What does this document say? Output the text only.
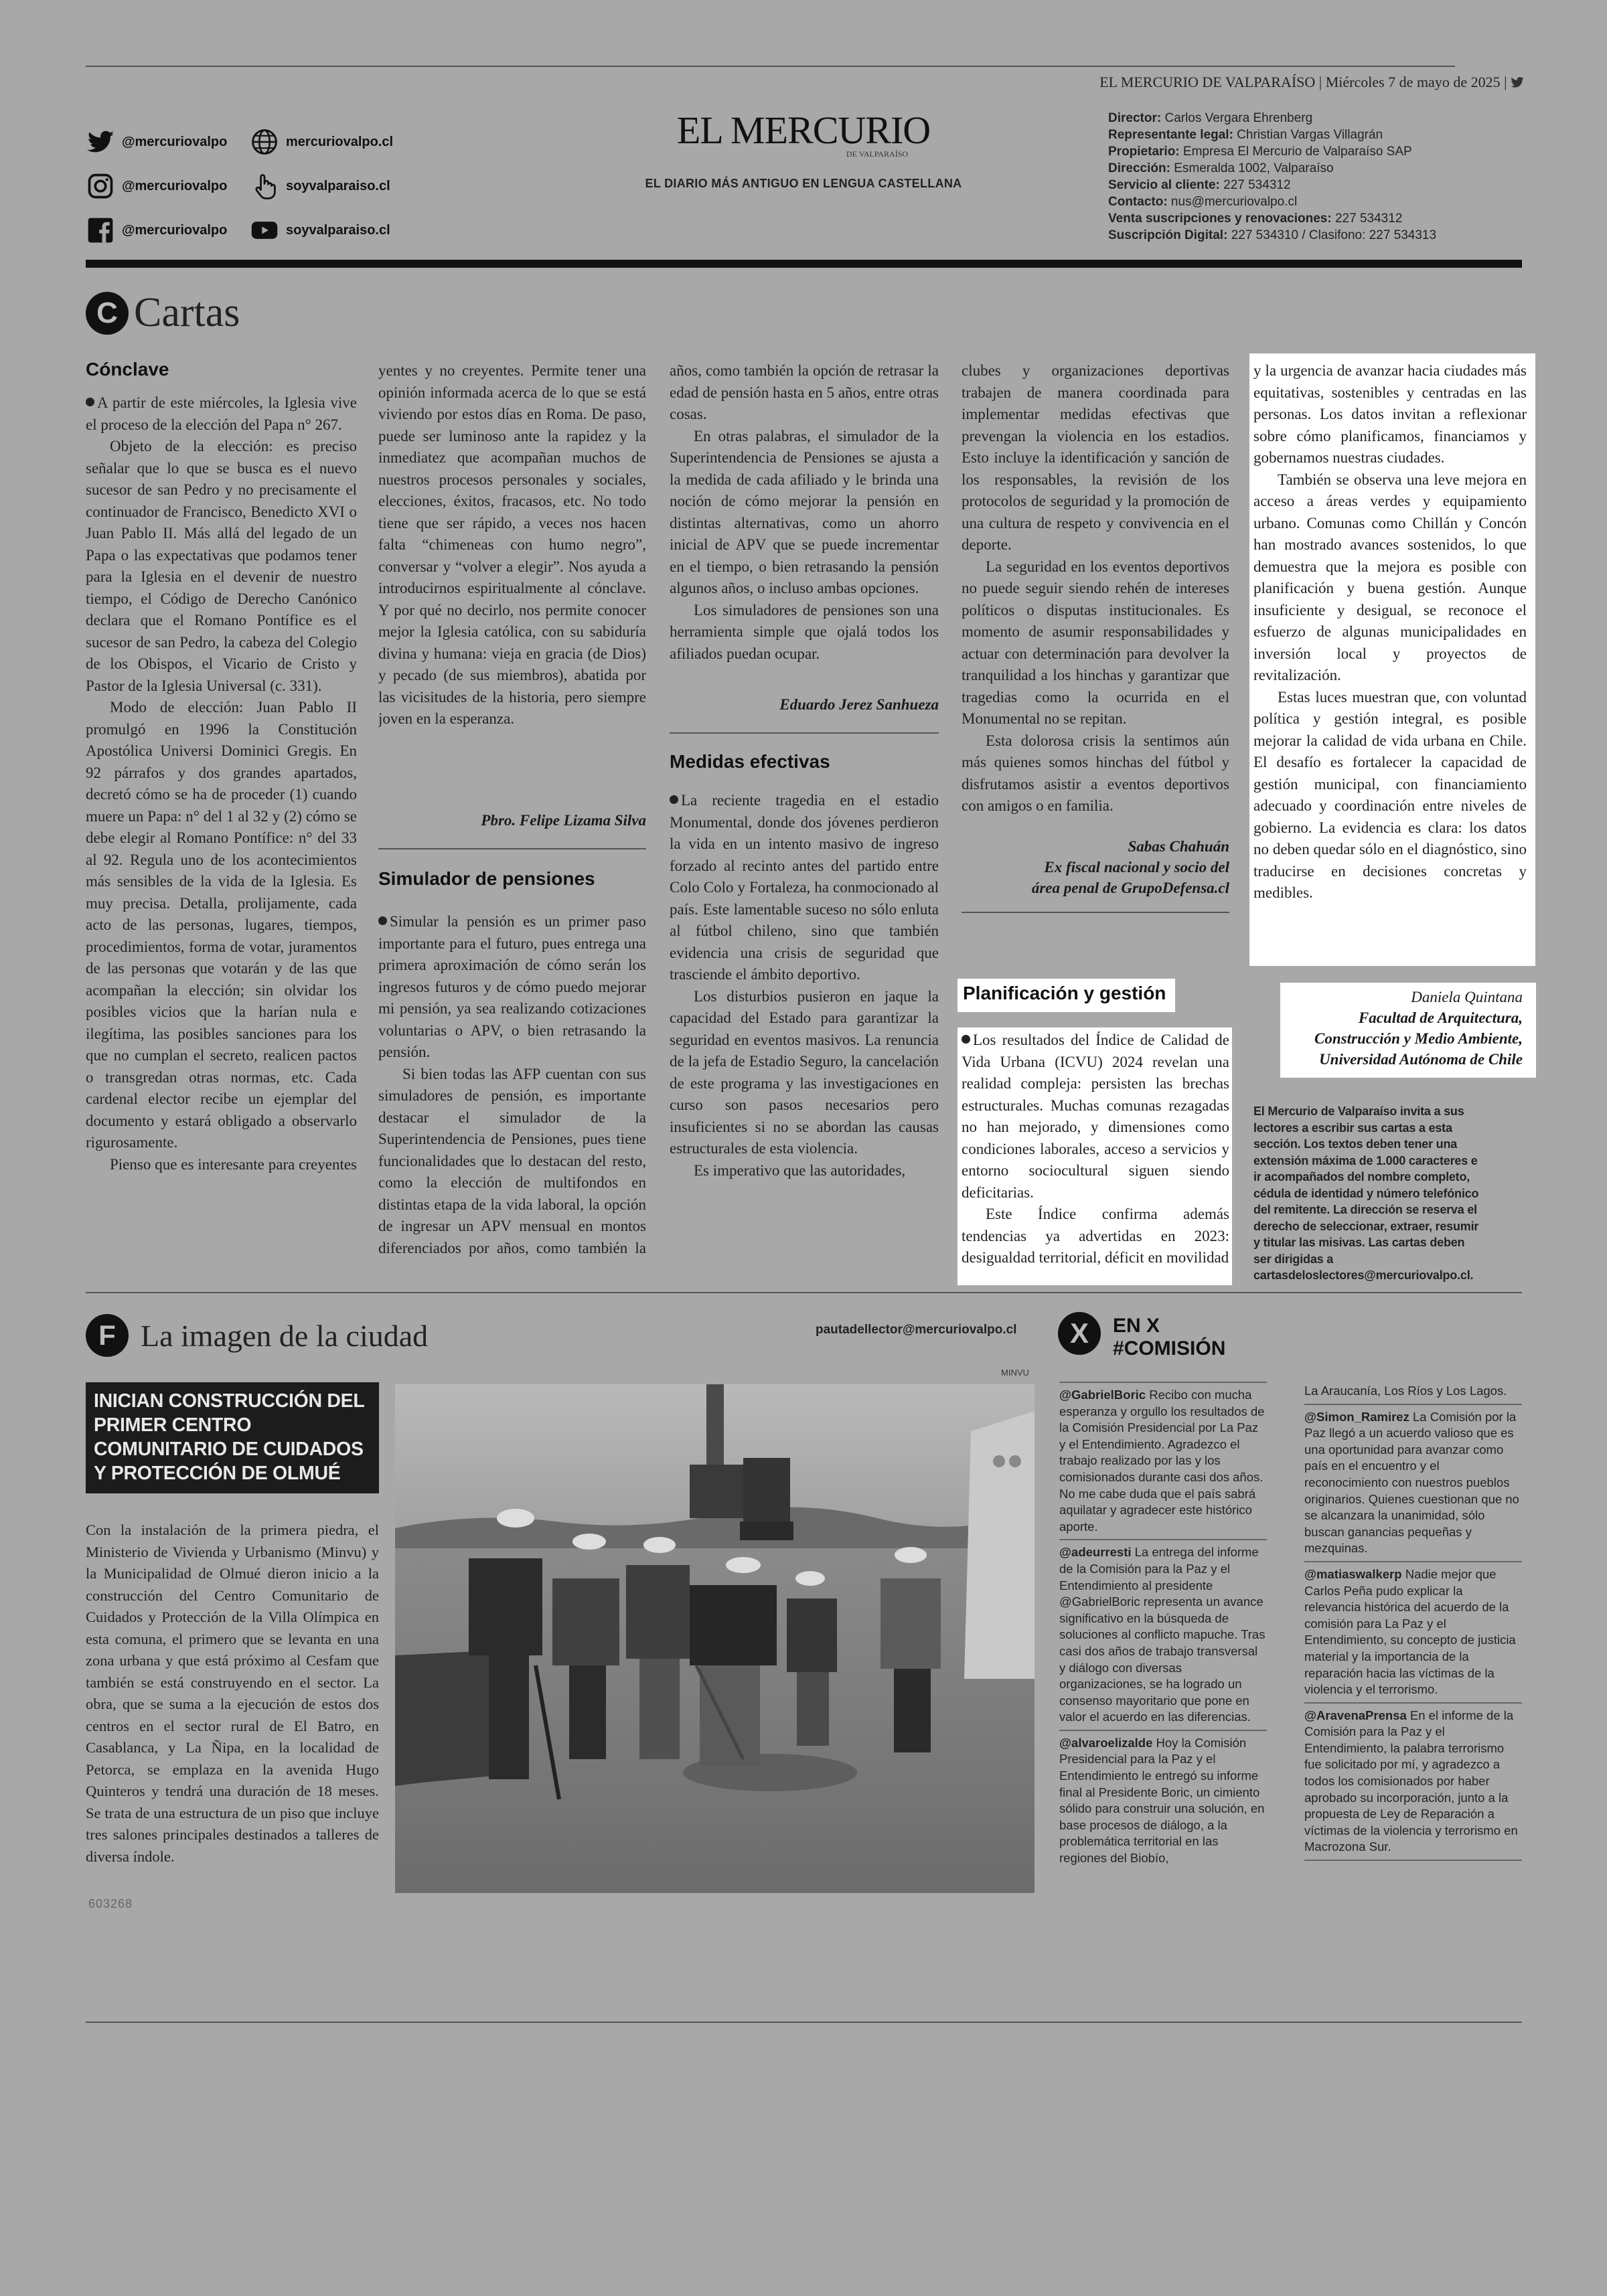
EL MERCURIO DE VALPARAÍSO | Miércoles 7 de mayo de 2025 |
@mercuriovalpo	mercuriovalpo.cl
@mercuriovalpo	soyvalparaiso.cl
@mercuriovalpo	soyvalparaiso.cl
EL MERCURIO
DE VALPARAÍSO
EL DIARIO MÁS ANTIGUO EN LENGUA CASTELLANA
Director: Carlos Vergara Ehrenberg
Representante legal: Christian Vargas Villagrán
Propietario: Empresa El Mercurio de Valparaíso SAP
Dirección: Esmeralda 1002, Valparaíso
Servicio al cliente: 227 534312
Contacto: nus@mercuriovalpo.cl
Venta suscripciones y renovaciones: 227 534312
Suscripción Digital: 227 534310 / Clasifono: 227 534313
C Cartas
Cónclave

A partir de este miércoles, la Iglesia vive el proceso de la elección del Papa n° 267.

Objeto de la elección: es preciso señalar que lo que se busca es el nuevo sucesor de san Pedro y no precisamente el continuador de Francisco, Benedicto XVI o Juan Pablo II. Más allá del legado de un Papa o las expectativas que podamos tener para la Iglesia en el devenir de nuestro tiempo, el Código de Derecho Canónico declara que el Romano Pontífice es el sucesor de san Pedro, la cabeza del Colegio de los Obispos, el Vicario de Cristo y Pastor de la Iglesia Universal (c. 331).

Modo de elección: Juan Pablo II promulgó en 1996 la Constitución Apostólica Universi Dominici Gregis. En 92 párrafos y dos grandes apartados, decretó cómo se ha de proceder (1) cuando muere un Papa: n° del 1 al 32 y (2) cómo se debe elegir al Romano Pontífice: n° del 33 al 92. Regula uno de los acontecimientos más sensibles de la vida de la Iglesia. Es muy precisa. Detalla, prolijamente, cada acto de las personas, lugares, tiempos, procedimientos, forma de votar, juramentos de las personas que votarán y de las que acompañan la elección; sin olvidar los posibles vicios que la harían nula e ilegítima, las posibles sanciones para los que no cumplan el secreto, realicen pactos o transgredan otras normas, etc. Cada cardenal elector recibe un ejemplar del documento y estará obligado a observarlo rigurosamente.

Pienso que es interesante para creyentes

yentes y no creyentes. Permite tener una opinión informada acerca de lo que se está viviendo por estos días en Roma. De paso, puede ser luminoso ante la rapidez y la inmediatez que acompañan muchos de nuestros procesos personales y sociales, elecciones, éxitos, fracasos, etc. No todo tiene que ser rápido, a veces nos hacen falta “chimeneas con humo negro”, conversar y “volver a elegir”. Nos ayuda a introducirnos espiritualmente al cónclave. Y por qué no decirlo, nos permite conocer mejor la Iglesia católica, con su sabiduría divina y humana: vieja en gracia (de Dios) y pecado (de sus miembros), abatida por las vicisitudes de la historia, pero siempre joven en la esperanza.

Pbro. Felipe Lizama Silva
Simulador de pensiones

Simular la pensión es un primer paso importante para el futuro, pues entrega una primera aproximación de cómo serán los ingresos futuros y de cómo puedo mejorar mi pensión, ya sea realizando cotizaciones voluntarias o APV, o bien retrasando la pensión.

Si bien todas las AFP cuentan con sus simuladores de pensión, es importante destacar el simulador de la Superintendencia de Pensiones, pues tiene funcionalidades que lo destacan del resto, como la elección de multifondos en distintas etapa de la vida laboral, la opción de ingresar un APV mensual en montos diferenciados por años, como también la

años, como también la opción de retrasar la edad de pensión hasta en 5 años, entre otras cosas.

En otras palabras, el simulador de la Superintendencia de Pensiones se ajusta a la medida de cada afiliado y le brinda una noción de cómo mejorar la pensión en distintas alternativas, como un ahorro inicial de APV que se puede incrementar en el tiempo, o bien retrasando la pensión algunos años, o incluso ambas opciones.

Los simuladores de pensiones son una herramienta simple que ojalá todos los afiliados puedan ocupar.

Eduardo Jerez Sanhueza
Medidas efectivas

La reciente tragedia en el estadio Monumental, donde dos jóvenes perdieron la vida en un intento masivo de ingreso forzado al recinto antes del partido entre Colo Colo y Fortaleza, ha conmocionado al país. Este lamentable suceso no sólo enluta al fútbol chileno, sino que también evidencia una crisis de seguridad que trasciende el ámbito deportivo.

Los disturbios pusieron en jaque la capacidad del Estado para garantizar la seguridad en eventos masivos. La renuncia de la jefa de Estadio Seguro, la cancelación de este programa y las investigaciones en curso son pasos necesarios pero insuficientes si no se abordan las causas estructurales de esta violencia.

Es imperativo que las autoridades,

clubes y organizaciones deportivas trabajen de manera coordinada para implementar medidas efectivas que prevengan la violencia en los estadios. Esto incluye la identificación y sanción de los responsables, la revisión de los protocolos de seguridad y la promoción de una cultura de respeto y convivencia en el deporte.

La seguridad en los eventos deportivos no puede seguir siendo rehén de intereses políticos o disputas institucionales. Es momento de asumir responsabilidades y actuar con determinación para devolver la tranquilidad a los hinchas y garantizar que tragedias como la ocurrida en el Monumental no se repitan.

Esta dolorosa crisis la sentimos aún más quienes somos hinchas del fútbol y disfrutamos asistir a eventos deportivos con amigos o en familia.

Sabas Chahuán
Ex fiscal nacional y socio del
área penal de GrupoDefensa.cl
Planificación y gestión

Los resultados del Índice de Calidad de Vida Urbana (ICVU) 2024 revelan una realidad compleja: persisten las brechas estructurales. Muchas comunas rezagadas no han mejorado, y dimensiones como condiciones laborales, acceso a servicios y entorno sociocultural siguen siendo deficitarias.

Este Índice confirma además tendencias ya advertidas en 2023: desigualdad territorial, déficit en movilidad

y la urgencia de avanzar hacia ciudades más equitativas, sostenibles y centradas en las personas. Los datos invitan a reflexionar sobre cómo planificamos, financiamos y gobernamos nuestras ciudades.

También se observa una leve mejora en acceso a áreas verdes y equipamiento urbano. Comunas como Chillán y Concón han mostrado avances sostenidos, lo que demuestra que la mejora es posible con planificación y buena gestión. Aunque insuficiente y desigual, se reconoce el esfuerzo de algunas municipalidades en inversión local y proyectos de revitalización.

Estas luces muestran que, con voluntad política y gestión integral, es posible mejorar la calidad de vida urbana en Chile. El desafío es fortalecer la capacidad de gestión municipal, con financiamiento adecuado y coordinación entre niveles de gobierno. La evidencia es clara: los datos no deben quedar sólo en el diagnóstico, sino traducirse en decisiones concretas y medibles.

Daniela Quintana
Facultad de Arquitectura,
Construcción y Medio Ambiente,
Universidad Autónoma de Chile
El Mercurio de Valparaíso invita a sus lectores a escribir sus cartas a esta sección. Los textos deben tener una extensión máxima de 1.000 caracteres e ir acompañados del nombre completo, cédula de identidad y número telefónico del remitente. La dirección se reserva el derecho de seleccionar, extraer, resumir y titular las misivas. Las cartas deben ser dirigidas a cartasdeloslectores@mercuriovalpo.cl.
F La imagen de la ciudad	pautadellector@mercuriovalpo.cl
MINVU
INICIAN CONSTRUCCIÓN DEL PRIMER CENTRO COMUNITARIO DE CUIDADOS Y PROTECCIÓN DE OLMUÉ
Con la instalación de la primera piedra, el Ministerio de Vivienda y Urbanismo (Minvu) y la Municipalidad de Olmué dieron inicio a la construcción del Centro Comunitario de Cuidados y Protección de la Villa Olímpica en esta comuna, el primero que se levanta en una zona urbana y que está próximo al Cesfam que también se está construyendo en el sector. La obra, que se suma a la ejecución de estos dos centros en el sector rural de El Batro, en Casablanca, y La Ñipa, en la localidad de Petorca, se emplaza en la avenida Hugo Quinteros y tendrá una duración de 18 meses. Se trata de una estructura de un piso que incluye tres salones principales destinados a talleres de diversa índole.
603268
X EN X
#COMISIÓN
@GabrielBoric Recibo con mucha esperanza y orgullo los resultados de la Comisión Presidencial por La Paz y el Entendimiento. Agradezco el trabajo realizado por las y los comisionados durante casi dos años. No me cabe duda que el país sabrá aquilatar y agradecer este histórico aporte.
@adeurresti La entrega del informe de la Comisión para la Paz y el Entendimiento al presidente @GabrielBoric representa un avance significativo en la búsqueda de soluciones al conflicto mapuche. Tras casi dos años de trabajo transversal y diálogo con diversas organizaciones, se ha logrado un consenso mayoritario que pone en valor el acuerdo en las diferencias.
@alvaroelizalde Hoy la Comisión Presidencial para la Paz y el Entendimiento le entregó su informe final al Presidente Boric, un cimiento sólido para construir una solución, en base procesos de diálogo, a la problemática territorial en las regiones del Biobío,
La Araucanía, Los Ríos y Los Lagos.
@Simon_Ramirez La Comisión por la Paz llegó a un acuerdo valioso que es una oportunidad para avanzar como país en el encuentro y el reconocimiento con nuestros pueblos originarios. Quienes cuestionan que no se alcanzara la unanimidad, sólo buscan ganancias pequeñas y mezquinas.
@matiaswalkerp Nadie mejor que Carlos Peña pudo explicar la relevancia histórica del acuerdo de la comisión para La Paz y el Entendimiento, su concepto de justicia material y la importancia de la reparación hacia las víctimas de la violencia y el terrorismo.
@AravenaPrensa En el informe de la Comisión para la Paz y el Entendimiento, la palabra terrorismo fue solicitado por mí, y agradezco a todos los comisionados por haber aprobado su incorporación, junto a la propuesta de Ley de Reparación a víctimas de la violencia y terrorismo en Macrozona Sur.
